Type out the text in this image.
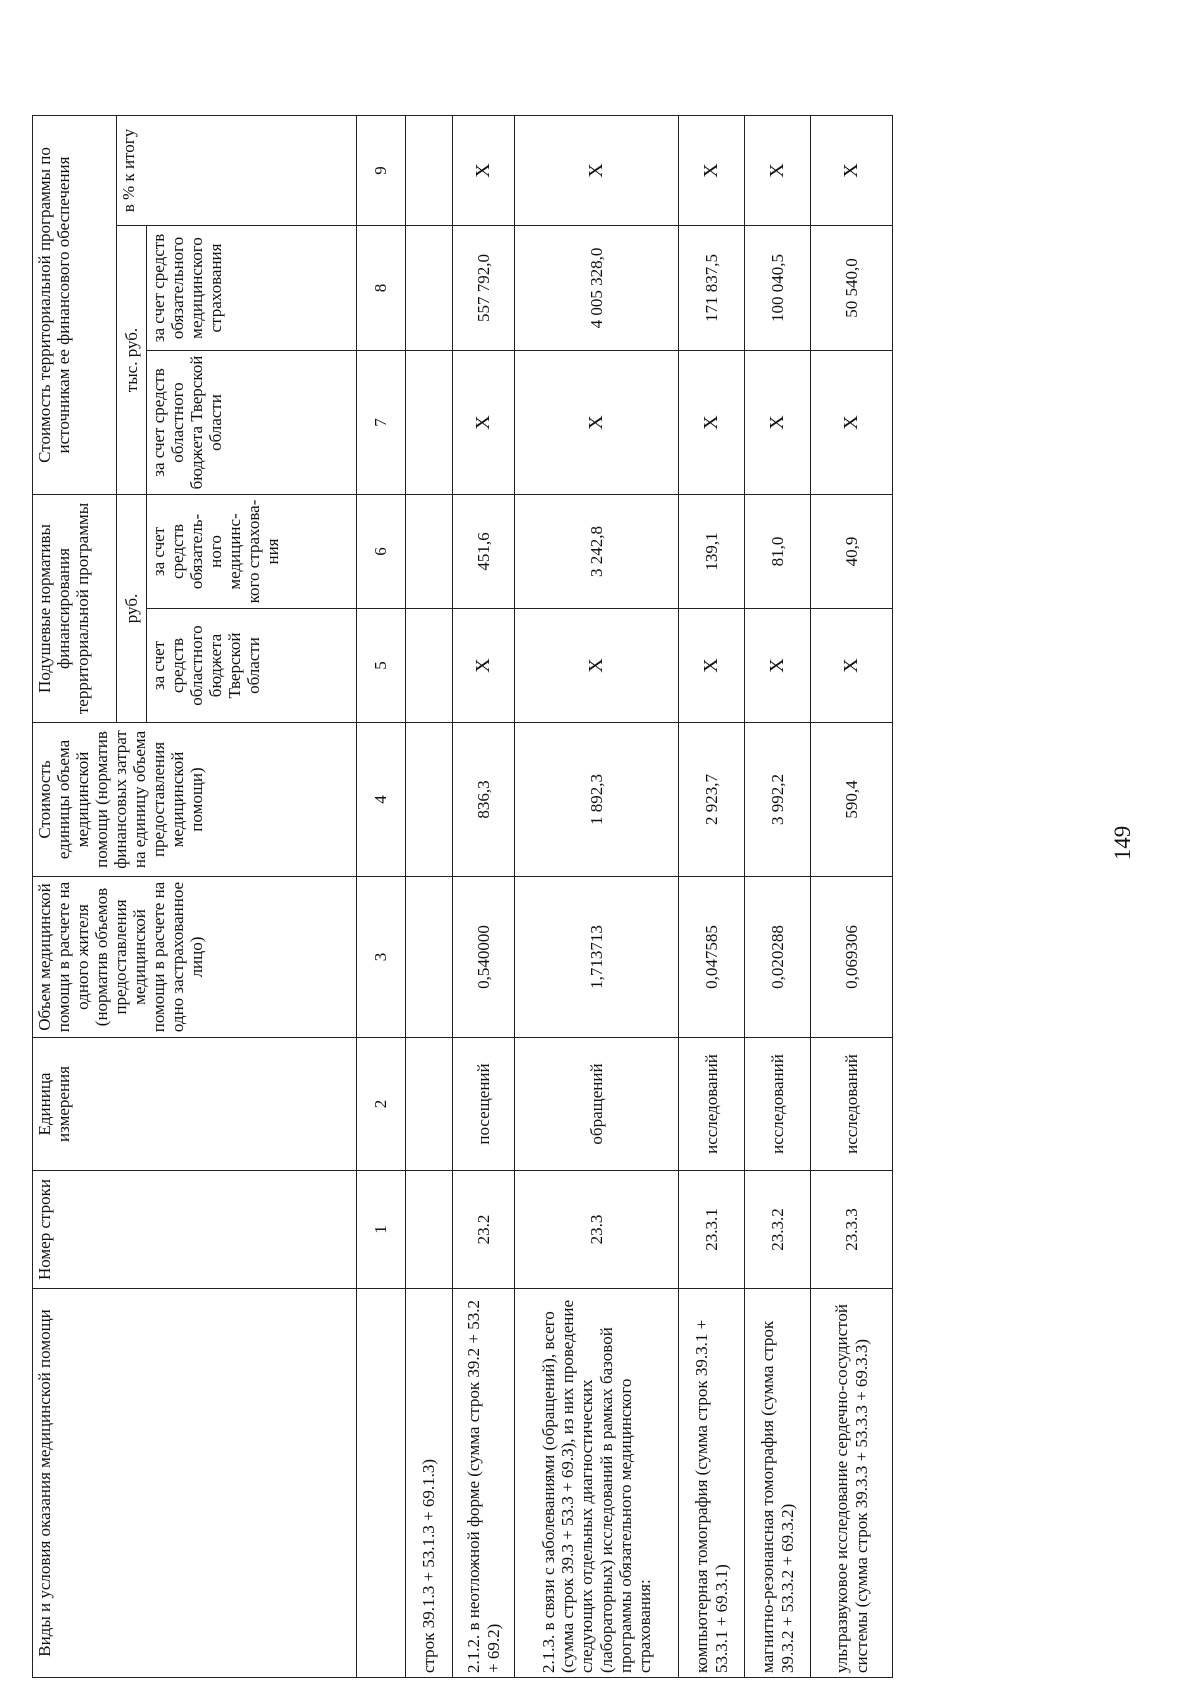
149
Виды и условия оказания медицинской помощи	Номер строки	Единица измерения	Объем медицинской помощи в расчете на одного жителя (норматив объемов предоставления медицинской помощи в расчете на одно застрахованное лицо)	Стоимость единицы объема медицинской помощи (норматив финансовых затрат на единицу объема предоставления медицинской помощи)	Подушевые нормативы финансирования территориальной программы		Стоимость территориальной программы по источникам ее финансового обеспечения		
					руб.		тыс. руб.		в % к итогу
					за счет средств областного бюджета Тверской области	за счет средств обязатель-ного медицинс-кого страхова-ния	за счет средств областного бюджета Тверской области	за счет средств обязательного медицинского страхования	
	1	2	3	4	5	6	7	8	9
строк 39.1.3 + 53.1.3 + 69.1.3)									
2.1.2. в неотложной форме (сумма строк 39.2 + 53.2 + 69.2)	23.2	посещений	0,540000	836,3	X	451,6	X	557 792,0	X
2.1.3. в связи с заболеваниями (обращений), всего (сумма строк 39.3 + 53.3 + 69.3), из них проведение следующих отдельных диагностических (лабораторных) исследований в рамках базовой программы обязательного медицинского страхования:	23.3	обращений	1,713713	1 892,3	X	3 242,8	X	4 005 328,0	X
компьютерная томография (сумма строк 39.3.1 + 53.3.1 + 69.3.1)	23.3.1	исследований	0,047585	2 923,7	X	139,1	X	171 837,5	X
магнитно-резонансная томография (сумма строк 39.3.2 + 53.3.2 + 69.3.2)	23.3.2	исследований	0,020288	3 992,2	X	81,0	X	100 040,5	X
ультразвуковое исследование сердечно-сосудистой системы (сумма строк 39.3.3 + 53.3.3 + 69.3.3)	23.3.3	исследований	0,069306	590,4	X	40,9	X	50 540,0	X
